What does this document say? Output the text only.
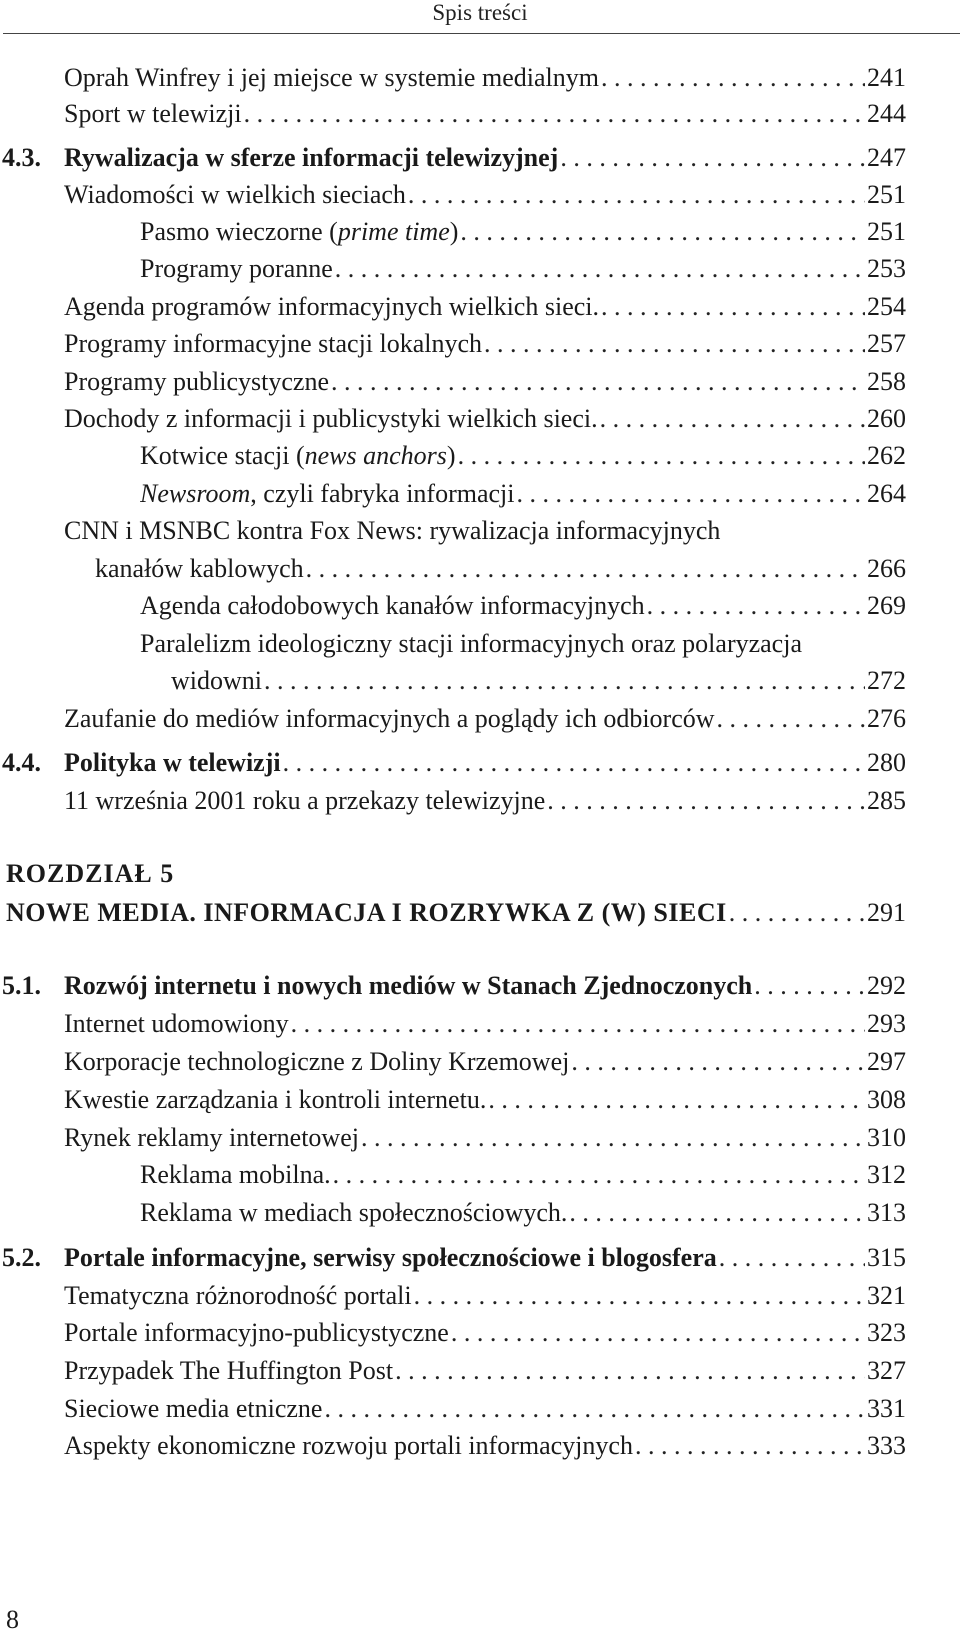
Spis treści
Oprah Winfrey i jej miejsce w systemie medialnym . . .	241
Sport w telewizji . . .	244
4.3. Rywalizacja w sferze informacji telewizyjnej . . .	247
Wiadomości w wielkich sieciach . . .	251
Pasmo wieczorne (prime time) . . .	251
Programy poranne . . .	253
Agenda programów informacyjnych wielkich sieci. . . .	254
Programy informacyjne stacji lokalnych . . .	257
Programy publicystyczne . . .	258
Dochody z informacji i publicystyki wielkich sieci. . . .	260
Kotwice stacji (news anchors) . . .	262
Newsroom, czyli fabryka informacji . . .	264
CNN i MSNBC kontra Fox News: rywalizacja informacyjnych
kanałów kablowych . . .	266
Agenda całodobowych kanałów informacyjnych . . .	269
Paralelizm ideologiczny stacji informacyjnych oraz polaryzacja
widowni . . .	272
Zaufanie do mediów informacyjnych a poglądy ich odbiorców . . .	276
4.4. Polityka w telewizji . . .	280
11 września 2001 roku a przekazy telewizyjne . . .	285
ROZDZIAŁ 5
NOWE MEDIA. INFORMACJA I ROZRYWKA Z (W) SIECI . . .	291
5.1. Rozwój internetu i nowych mediów w Stanach Zjednoczonych . . .	292
Internet udomowiony . . .	293
Korporacje technologiczne z Doliny Krzemowej . . .	297
Kwestie zarządzania i kontroli internetu. . . .	308
Rynek reklamy internetowej . . .	310
Reklama mobilna. . . .	312
Reklama w mediach społecznościowych. . . .	313
5.2. Portale informacyjne, serwisy społecznościowe i blogosfera . . .	315
Tematyczna różnorodność portali . . .	321
Portale informacyjno-publicystyczne . . .	323
Przypadek The Huffington Post . . .	327
Sieciowe media etniczne . . .	331
Aspekty ekonomiczne rozwoju portali informacyjnych . . .	333
8
